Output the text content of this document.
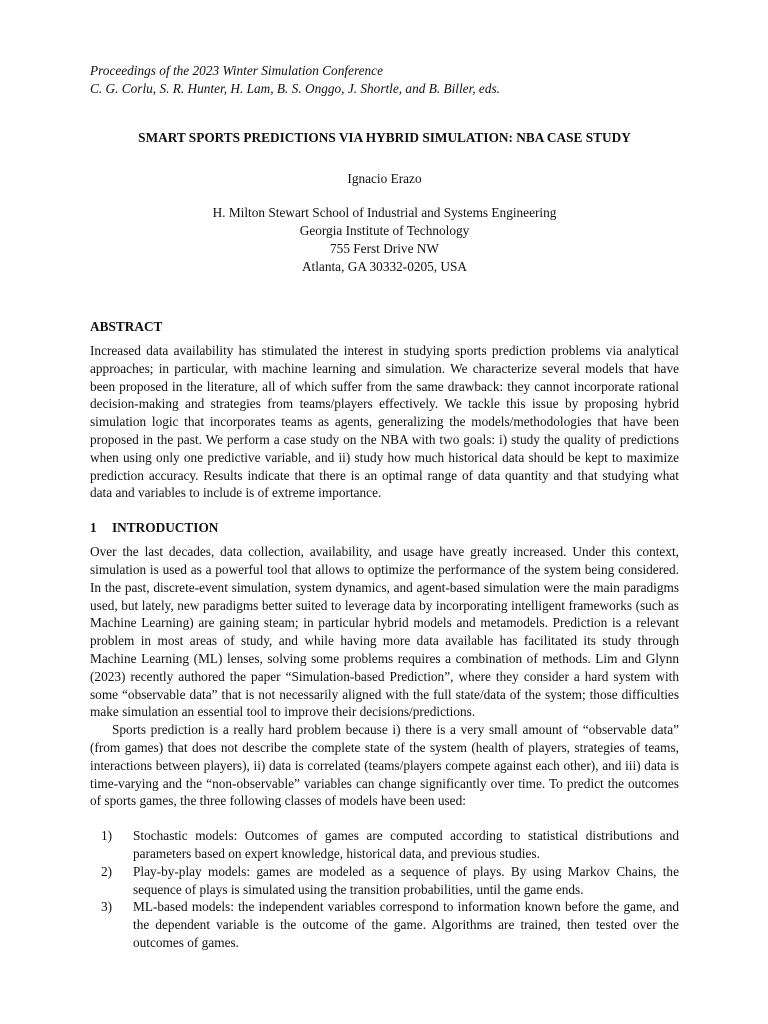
Proceedings of the 2023 Winter Simulation Conference
C. G. Corlu, S. R. Hunter, H. Lam, B. S. Onggo, J. Shortle, and B. Biller, eds.
SMART SPORTS PREDICTIONS VIA HYBRID SIMULATION: NBA CASE STUDY
Ignacio Erazo
H. Milton Stewart School of Industrial and Systems Engineering
Georgia Institute of Technology
755 Ferst Drive NW
Atlanta, GA 30332-0205, USA
ABSTRACT

Increased data availability has stimulated the interest in studying sports prediction problems via analytical approaches; in particular, with machine learning and simulation. We characterize several models that have been proposed in the literature, all of which suffer from the same drawback: they cannot incorporate rational decision-making and strategies from teams/players effectively. We tackle this issue by proposing hybrid simulation logic that incorporates teams as agents, generalizing the models/methodologies that have been proposed in the past. We perform a case study on the NBA with two goals: i) study the quality of predictions when using only one predictive variable, and ii) study how much historical data should be kept to maximize prediction accuracy. Results indicate that there is an optimal range of data quantity and that studying what data and variables to include is of extreme importance.

1 INTRODUCTION

Over the last decades, data collection, availability, and usage have greatly increased. Under this context, simulation is used as a powerful tool that allows to optimize the performance of the system being considered. In the past, discrete-event simulation, system dynamics, and agent-based simulation were the main paradigms used, but lately, new paradigms better suited to leverage data by incorporating intelligent frameworks (such as Machine Learning) are gaining steam; in particular hybrid models and metamodels. Prediction is a relevant problem in most areas of study, and while having more data available has facilitated its study through Machine Learning (ML) lenses, solving some problems requires a combination of methods. Lim and Glynn (2023) recently authored the paper “Simulation-based Prediction”, where they consider a hard system with some “observable data” that is not necessarily aligned with the full state/data of the system; those difficulties make simulation an essential tool to improve their decisions/predictions.

Sports prediction is a really hard problem because i) there is a very small amount of “observable data” (from games) that does not describe the complete state of the system (health of players, strategies of teams, interactions between players), ii) data is correlated (teams/players compete against each other), and iii) data is time-varying and the “non-observable” variables can change significantly over time. To predict the outcomes of sports games, the three following classes of models have been used:

1)	Stochastic models: Outcomes of games are computed according to statistical distributions and parameters based on expert knowledge, historical data, and previous studies.
2)	Play-by-play models: games are modeled as a sequence of plays. By using Markov Chains, the sequence of plays is simulated using the transition probabilities, until the game ends.
3)	ML-based models: the independent variables correspond to information known before the game, and the dependent variable is the outcome of the game. Algorithms are trained, then tested over the outcomes of games.
